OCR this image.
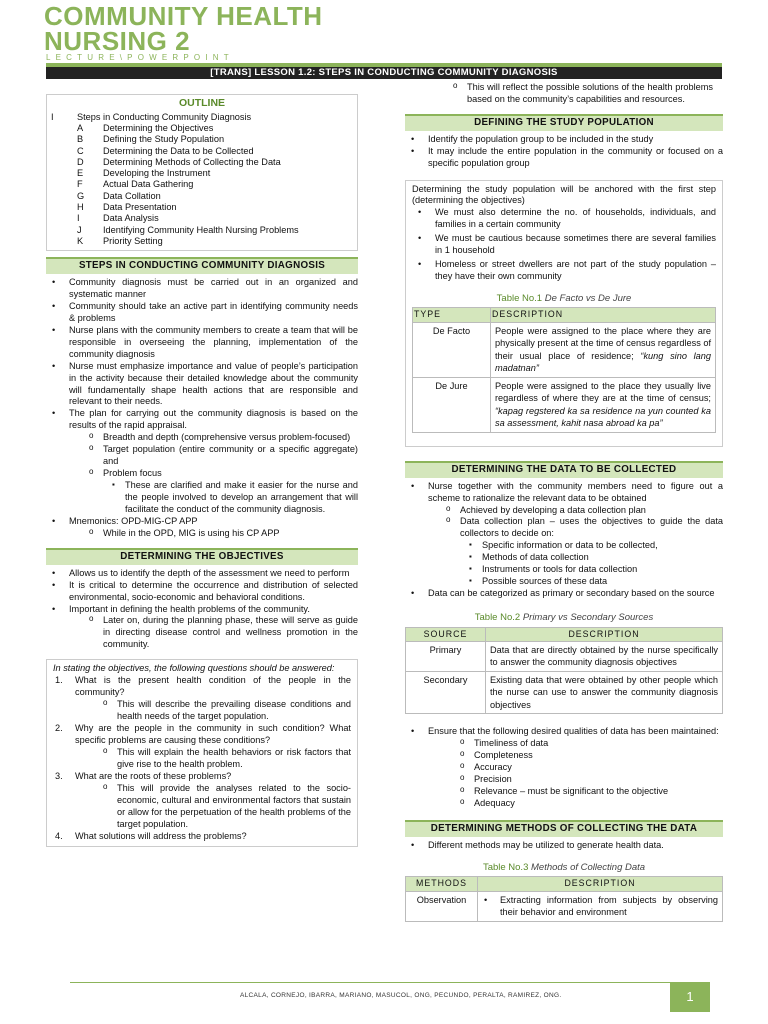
COMMUNITY HEALTH
NURSING 2
LECTURE\POWERPOINT
[TRANS] LESSON 1.2: STEPS IN CONDUCTING COMMUNITY DIAGNOSIS
OUTLINE
I	Steps in Conducting Community Diagnosis
A	Determining the Objectives
B	Defining the Study Population
C	Determining the Data to be Collected
D	Determining Methods of Collecting the Data
E	Developing the Instrument
F	Actual Data Gathering
G	Data Collation
H	Data Presentation
I	Data Analysis
J	Identifying Community Health Nursing Problems
K	Priority Setting
STEPS IN CONDUCTING COMMUNITY DIAGNOSIS
• Community diagnosis must be carried out in an organized and systematic manner
• Community should take an active part in identifying community needs & problems
• Nurse plans with the community members to create a team that will be responsible in overseeing the planning, implementation of the community diagnosis
• Nurse must emphasize importance and value of people’s participation in the activity because their detailed knowledge about the community will fundamentally shape health actions that are responsible and relevant to their needs.
• The plan for carrying out the community diagnosis is based on the results of the rapid appraisal.
o Breadth and depth (comprehensive versus problem-focused)
o Target population (entire community or a specific aggregate) and
o Problem focus
▪ These are clarified and make it easier for the nurse and the people involved to develop an arrangement that will facilitate the conduct of the community diagnosis.
• Mnemonics: OPD-MIG-CP APP
o While in the OPD, MIG is using his CP APP
DETERMINING THE OBJECTIVES
• Allows us to identify the depth of the assessment we need to perform
• It is critical to determine the occurrence and distribution of selected environmental, socio-economic and behavioral conditions.
• Important in defining the health problems of the community.
o Later on, during the planning phase, these will serve as guide in directing disease control and wellness promotion in the community.
In stating the objectives, the following questions should be answered:
1. What is the present health condition of the people in the community?
o This will describe the prevailing disease conditions and health needs of the target population.
2. Why are the people in the community in such condition? What specific problems are causing these conditions?
o This will explain the health behaviors or risk factors that give rise to the health problem.
3. What are the roots of these problems?
o This will provide the analyses related to the socio-economic, cultural and environmental factors that sustain or allow for the perpetuation of the health problems of the target population.
4. What solutions will address the problems?
o This will reflect the possible solutions of the health problems based on the community’s capabilities and resources.
DEFINING THE STUDY POPULATION
• Identify the population group to be included in the study
• It may include the entire population in the community or focused on a specific population group
Determining the study population will be anchored with the first step (determining the objectives)
• We must also determine the no. of households, individuals, and families in a certain community
• We must be cautious because sometimes there are several families in 1 household
• Homeless or street dwellers are not part of the study population – they have their own community
Table No.1 De Facto vs De Jure
TYPE	DESCRIPTION
De Facto	People were assigned to the place where they are physically present at the time of census regardless of their usual place of residence; “kung sino lang madatnan”
De Jure	People were assigned to the place they usually live regardless of where they are at the time of census; “kapag regstered ka sa residence na yun counted ka sa assessment, kahit nasa abroad ka pa”
DETERMINING THE DATA TO BE COLLECTED
• Nurse together with the community members need to figure out a scheme to rationalize the relevant data to be obtained
o Achieved by developing a data collection plan
o Data collection plan – uses the objectives to guide the data collectors to decide on:
▪ Specific information or data to be collected,
▪ Methods of data collection
▪ Instruments or tools for data collection
▪ Possible sources of these data
• Data can be categorized as primary or secondary based on the source
Table No.2 Primary vs Secondary Sources
SOURCE	DESCRIPTION
Primary	Data that are directly obtained by the nurse specifically to answer the community diagnosis objectives
Secondary	Existing data that were obtained by other people which the nurse can use to answer the community diagnosis objectives
• Ensure that the following desired qualities of data has been maintained:
o Timeliness of data
o Completeness
o Accuracy
o Precision
o Relevance – must be significant to the objective
o Adequacy
DETERMINING METHODS OF COLLECTING THE DATA
• Different methods may be utilized to generate health data.
Table No.3 Methods of Collecting Data
METHODS	DESCRIPTION
Observation	• Extracting information from subjects by observing their behavior and environment
ALCALA, CORNEJO, IBARRA, MARIANO, MASUCOL, ONG, PECUNDO, PERALTA, RAMIREZ, ONG.	1
